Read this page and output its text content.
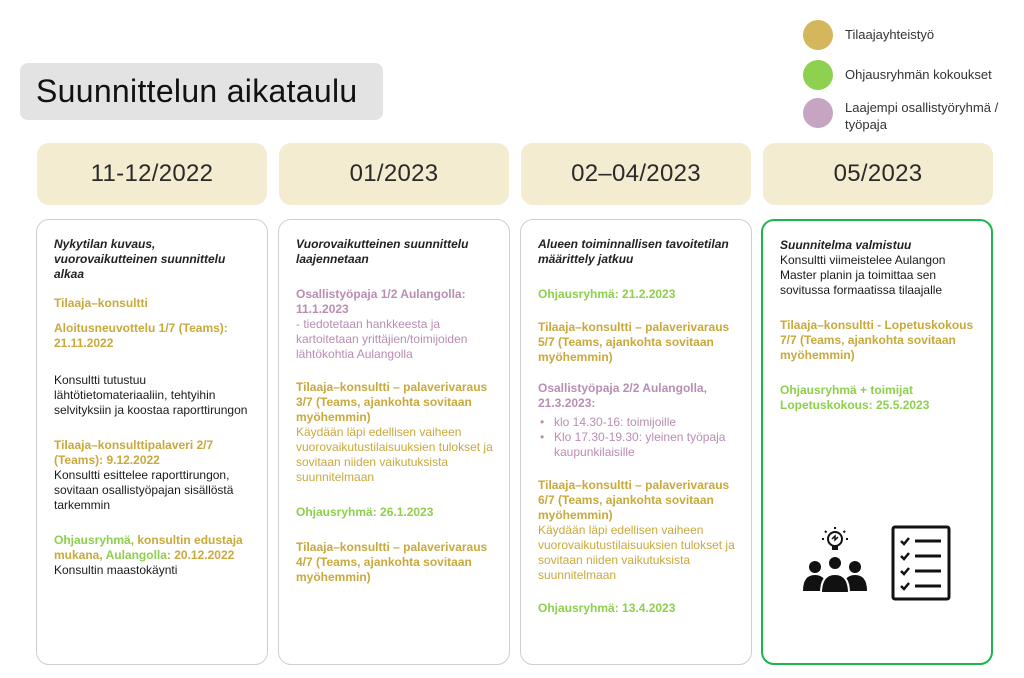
Suunnittelun aikataulu
Tilaajayhteistyö
Ohjausryhmän kokoukset
Laajempi osallistyöryhmä / työpaja
11-12/2022	01/2023	02–04/2023	05/2023
Nykytilan kuvaus, vuorovaikutteinen suunnittelu alkaa
Tilaaja–konsultti
Aloitusneuvottelu 1/7 (Teams): 21.11.2022
Konsultti tutustuu lähtötietomateriaaliin, tehtyihin selvityksiin ja koostaa raporttirungon
Tilaaja–konsulttipalaveri 2/7 (Teams): 9.12.2022
Konsultti esittelee raporttirungon, sovitaan osallistyöpajan sisällöstä tarkemmin
Ohjausryhmä, konsultin edustaja mukana, Aulangolla: 20.12.2022
Konsultin maastokäynti
Vuorovaikutteinen suunnittelu laajennetaan
Osallistyöpaja 1/2 Aulangolla: 11.1.2023
- tiedotetaan hankkeesta ja kartoitetaan yrittäjien/toimijoiden lähtökohtia Aulangolla
Tilaaja–konsultti – palaverivaraus 3/7 (Teams, ajankohta sovitaan myöhemmin)
Käydään läpi edellisen vaiheen vuorovaikutustilaisuuksien tulokset ja sovitaan niiden vaikutuksista suunnitelmaan
Ohjausryhmä: 26.1.2023
Tilaaja–konsultti – palaverivaraus 4/7 (Teams, ajankohta sovitaan myöhemmin)
Alueen toiminnallisen tavoitetilan määrittely jatkuu
Ohjausryhmä: 21.2.2023
Tilaaja–konsultti – palaverivaraus 5/7 (Teams, ajankohta sovitaan myöhemmin)
Osallistyöpaja 2/2 Aulangolla, 21.3.2023:
• klo 14.30-16: toimijoille
• Klo 17.30-19.30: yleinen työpaja kaupunkilaisille
Tilaaja–konsultti – palaverivaraus 6/7 (Teams, ajankohta sovitaan myöhemmin)
Käydään läpi edellisen vaiheen vuorovaikutustilaisuuksien tulokset ja sovitaan niiden vaikutuksista suunnitelmaan
Ohjausryhmä: 13.4.2023
Suunnitelma valmistuu
Konsultti viimeistelee Aulangon Master planin ja toimittaa sen sovitussa formaatissa tilaajalle
Tilaaja–konsultti - Lopetuskokous 7/7 (Teams, ajankohta sovitaan myöhemmin)
Ohjausryhmä + toimijat Lopetuskokous: 25.5.2023
